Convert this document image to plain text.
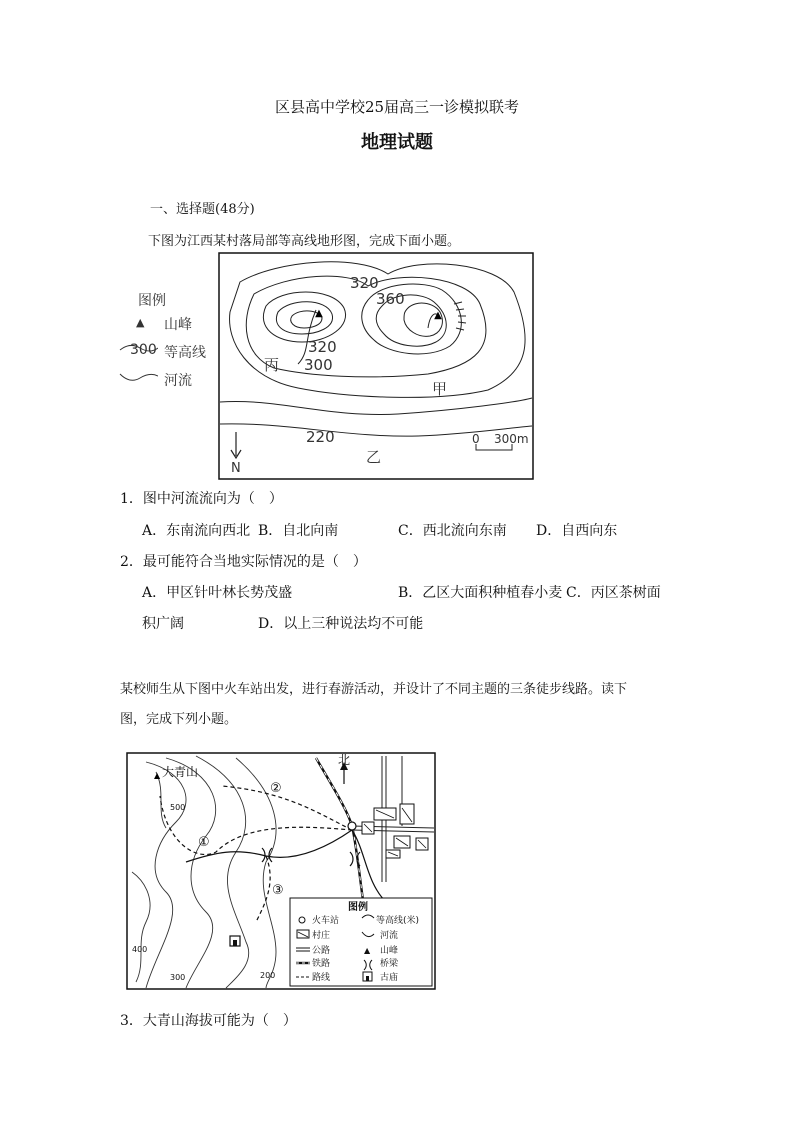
区县高中学校25届高三一诊模拟联考
地理试题
一、选择题(48分)
下图为江西某村落局部等高线地形图，完成下面小题。
图例
▲ 山峰
300 等高线
河流
▲	▲
320
360
320
300
220
丙
甲
乙
N
0 300m
1．图中河流流向为（　）
A．东南流向西北 B．自北向南	C．西北流向东南 D．自西向东
2．最可能符合当地实际情况的是（　）
A．甲区针叶林长势茂盛	B．乙区大面积种植春小麦 C．丙区茶树面
积广阔	D．以上三种说法均不可能
某校师生从下图中火车站出发，进行春游活动，并设计了不同主题的三条徒步线路。读下
图，完成下列小题。
北
▲ 大青山
②
①
③
500
400
300	200
图例
火车站
村庄
公路
铁路
路线
等高线(米)
河流
▲ 山峰
桥梁
古庙
3．大青山海拔可能为（　）
